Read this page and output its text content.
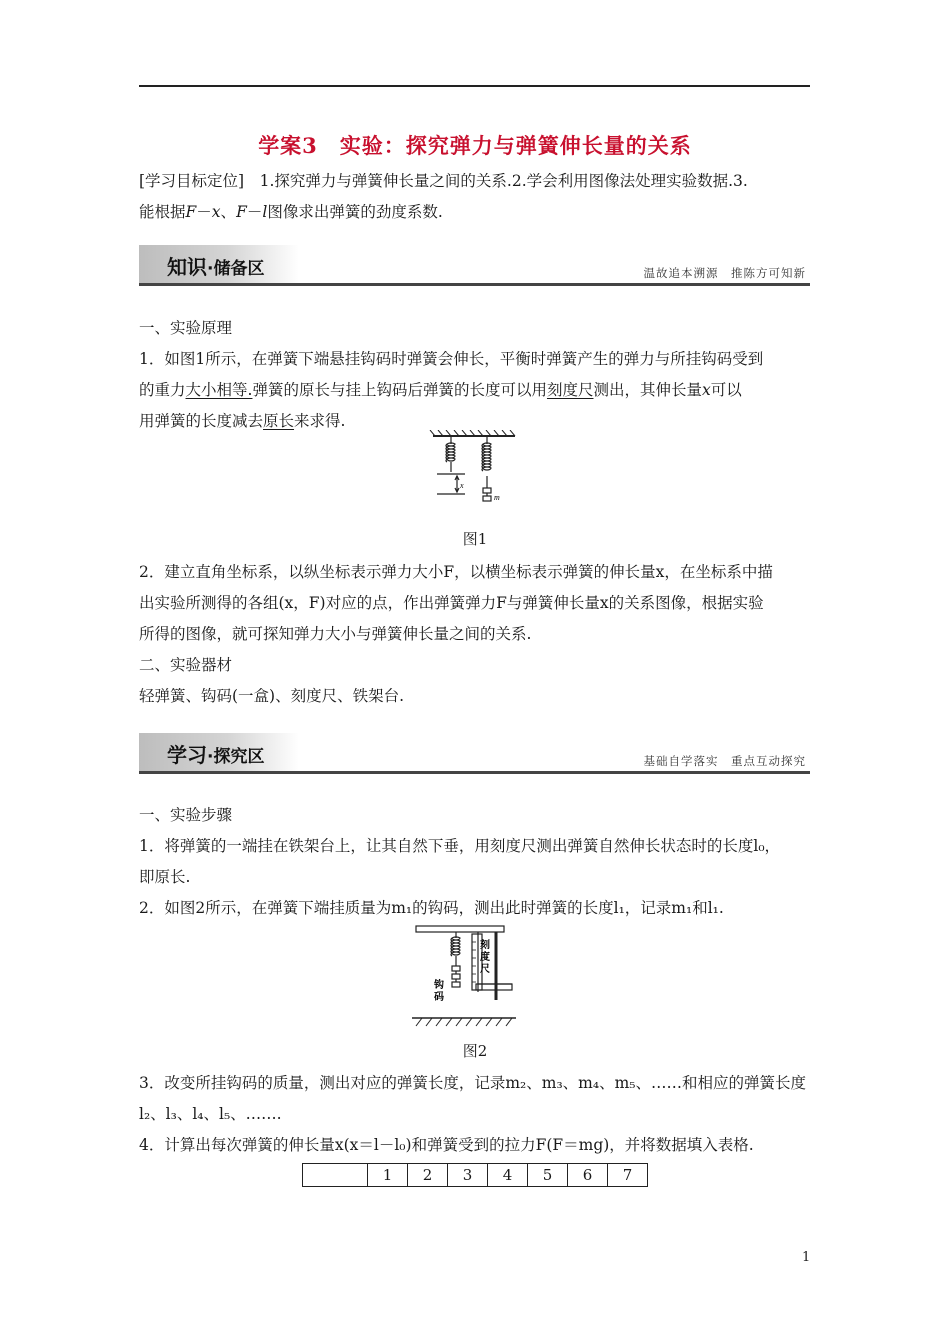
学案3　实验：探究弹力与弹簧伸长量的关系
[学习目标定位]　1.探究弹力与弹簧伸长量之间的关系.2.学会利用图像法处理实验数据.3.
能根据F－x、F－l图像求出弹簧的劲度系数.
知识·储备区	温故追本溯源　推陈方可知新
一、实验原理
1．如图1所示，在弹簧下端悬挂钩码时弹簧会伸长，平衡时弹簧产生的弹力与所挂钩码受到
的重力大小相等.弹簧的原长与挂上钩码后弹簧的长度可以用刻度尺测出，其伸长量x可以
用弹簧的长度减去原长来求得.
x
m
图1
2．建立直角坐标系，以纵坐标表示弹力大小F，以横坐标表示弹簧的伸长量x，在坐标系中描
出实验所测得的各组(x，F)对应的点，作出弹簧弹力F与弹簧伸长量x的关系图像，根据实验
所得的图像，就可探知弹力大小与弹簧伸长量之间的关系.
二、实验器材
轻弹簧、钩码(一盒)、刻度尺、铁架台.
学习·探究区	基础自学落实　重点互动探究
一、实验步骤
1．将弹簧的一端挂在铁架台上，让其自然下垂，用刻度尺测出弹簧自然伸长状态时的长度l₀，
即原长.
2．如图2所示，在弹簧下端挂质量为m₁的钩码，测出此时弹簧的长度l₁，记录m₁和l₁.
刻度尺
钩码
图2
3．改变所挂钩码的质量，测出对应的弹簧长度，记录m₂、m₃、m₄、m₅、……和相应的弹簧长度
l₂、l₃、l₄、l₅、…….
4．计算出每次弹簧的伸长量x(x＝l－l₀)和弹簧受到的拉力F(F＝mg)，并将数据填入表格.
	1	2	3	4	5	6	7
1
